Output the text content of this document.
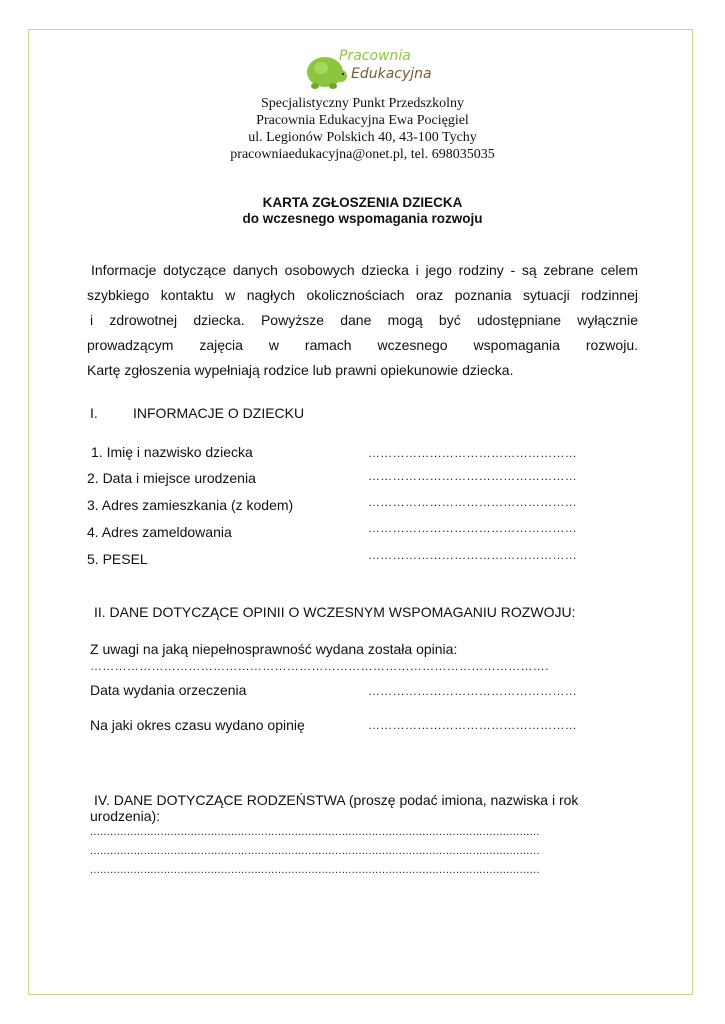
Pracownia
Edukacyjna
Specjalistyczny Punkt Przedszkolny
Pracownia Edukacyjna Ewa Pocięgiel
ul. Legionów Polskich 40, 43-100 Tychy
pracowniaedukacyjna@onet.pl, tel. 698035035
KARTA ZGŁOSZENIA DZIECKA
do wczesnego wspomagania rozwoju
Informacje dotyczące danych osobowych dziecka i jego rodziny - są zebrane celem
szybkiego kontaktu w nagłych okolicznościach oraz poznania sytuacji rodzinnej
i zdrowotnej dziecka. Powyższe dane mogą być udostępniane wyłącznie
prowadzącym zajęcia w ramach wczesnego wspomagania rozwoju.
Kartę zgłoszenia wypełniają rodzice lub prawni opiekunowie dziecka.
I.	INFORMACJE O DZIECKU
1. Imię i nazwisko dziecka	……………………………………………
2. Data i miejsce urodzenia	……………………………………………
3. Adres zamieszkania (z kodem)	……………………………………………
4. Adres zameldowania	……………………………………………
5. PESEL	……………………………………………
II. DANE DOTYCZĄCE OPINII O WCZESNYM WSPOMAGANIU ROZWOJU:
Z uwagi na jaką niepełnosprawność wydana została opinia:
………………………………………………………………………………………………….
Data wydania orzeczenia	……………………………………………
Na jaki okres czasu wydano opinię	……………………………………………
IV. DANE DOTYCZĄCE RODZEŃSTWA (proszę podać imiona, nazwiska i rok
urodzenia):
......................................................................................................................................
......................................................................................................................................
......................................................................................................................................
